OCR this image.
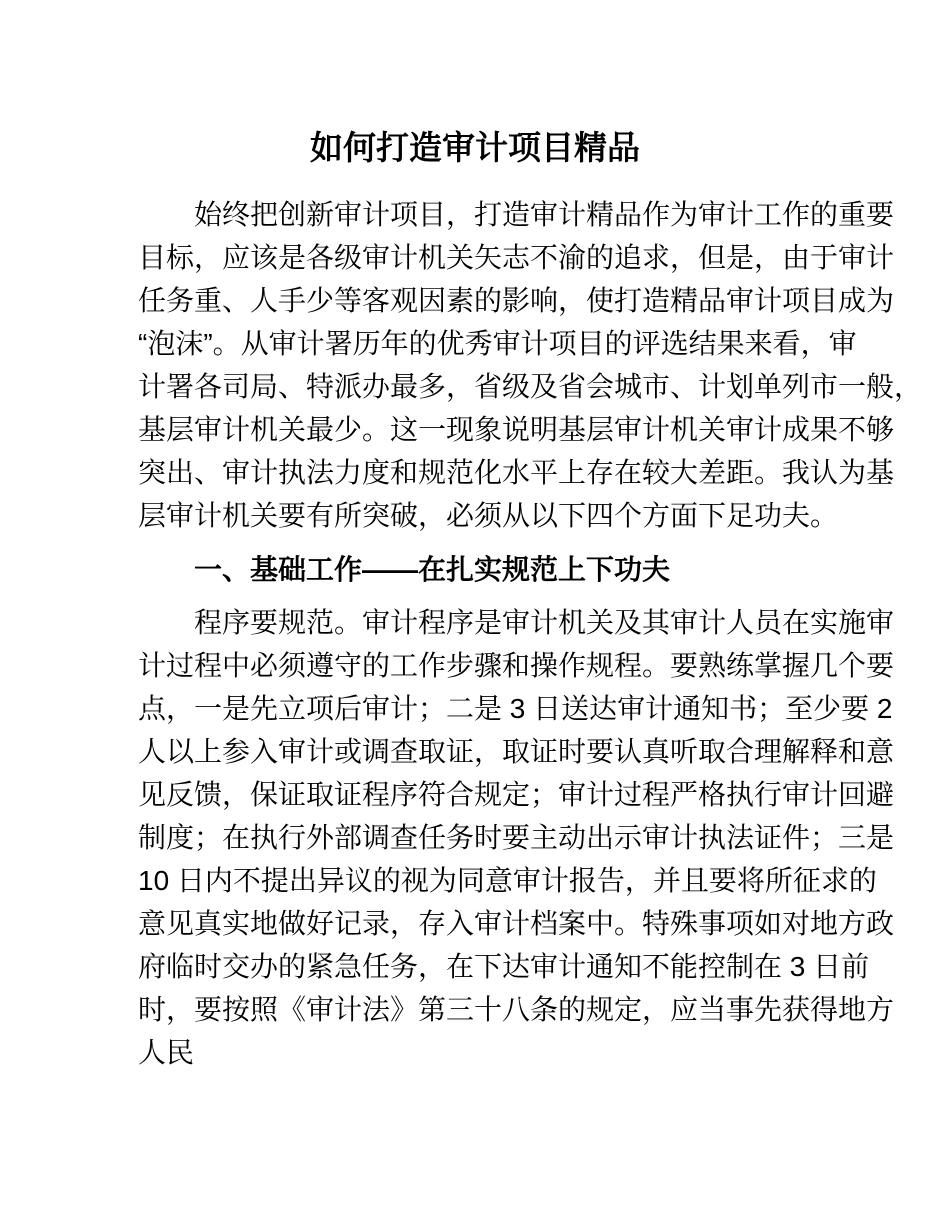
如何打造审计项目精品
始终把创新审计项目，打造审计精品作为审计工作的重要
目标，应该是各级审计机关矢志不渝的追求，但是，由于审计
任务重、人手少等客观因素的影响，使打造精品审计项目成为
“泡沫”。从审计署历年的优秀审计项目的评选结果来看，审
计署各司局、特派办最多，省级及省会城市、计划单列市一般，
基层审计机关最少。这一现象说明基层审计机关审计成果不够
突出、审计执法力度和规范化水平上存在较大差距。我认为基
层审计机关要有所突破，必须从以下四个方面下足功夫。
一、基础工作——在扎实规范上下功夫
程序要规范。审计程序是审计机关及其审计人员在实施审
计过程中必须遵守的工作步骤和操作规程。要熟练掌握几个要
点，一是先立项后审计；二是 3 日送达审计通知书；至少要 2
人以上参入审计或调查取证，取证时要认真听取合理解释和意
见反馈，保证取证程序符合规定；审计过程严格执行审计回避
制度；在执行外部调查任务时要主动出示审计执法证件；三是
10 日内不提出异议的视为同意审计报告，并且要将所征求的
意见真实地做好记录，存入审计档案中。特殊事项如对地方政
府临时交办的紧急任务，在下达审计通知不能控制在 3 日前
时，要按照《审计法》第三十八条的规定，应当事先获得地方
人民
